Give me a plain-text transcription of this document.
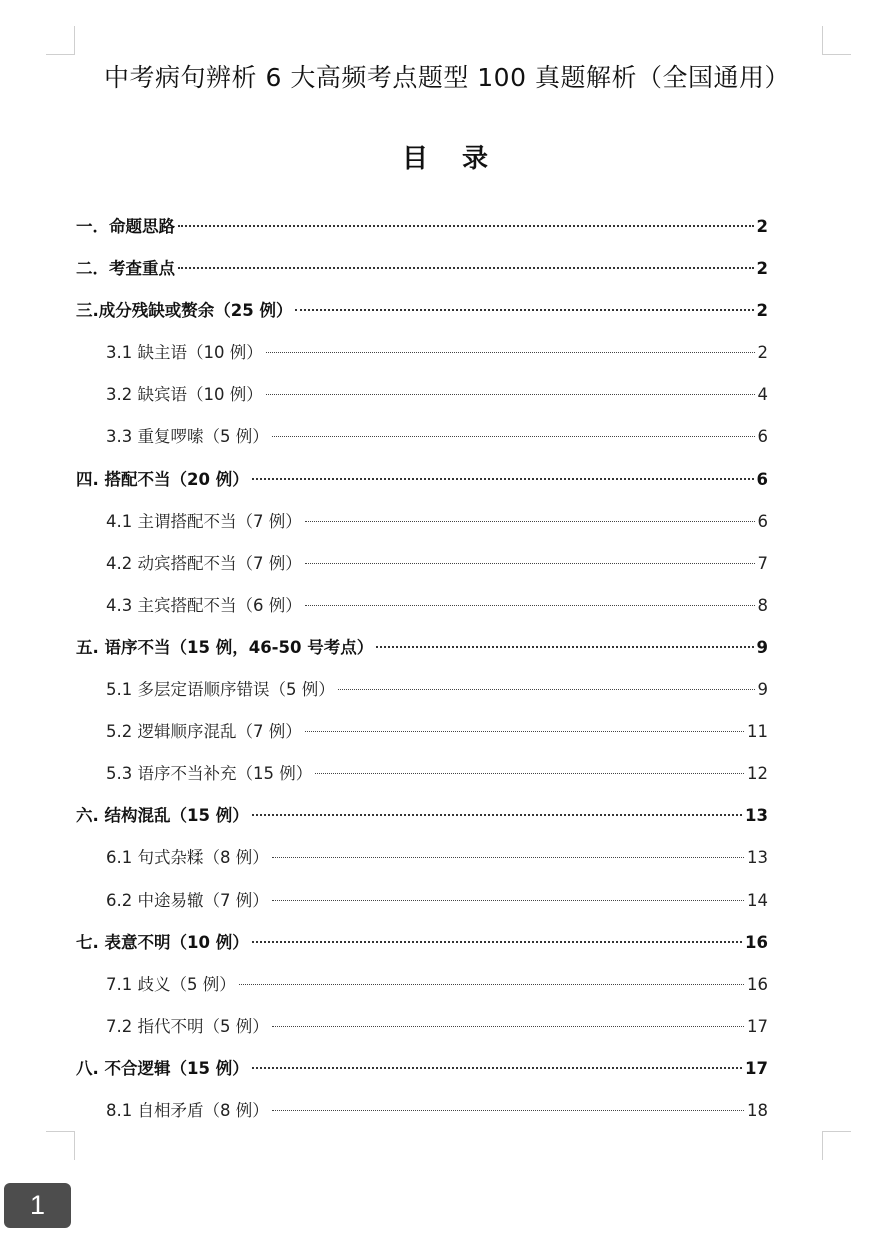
中考病句辨析 6 大高频考点题型 100 真题解析（全国通用）
目　录
一．命题思路	2
二．考查重点	2
三.成分残缺或赘余（25 例）	2
3.1 缺主语（10 例）	2
3.2 缺宾语（10 例）	4
3.3 重复啰嗦（5 例）	6
四. 搭配不当（20 例）	6
4.1 主谓搭配不当（7 例）	6
4.2 动宾搭配不当（7 例）	7
4.3 主宾搭配不当（6 例）	8
五. 语序不当（15 例，46-50 号考点）	9
5.1 多层定语顺序错误（5 例）	9
5.2 逻辑顺序混乱（7 例）	11
5.3 语序不当补充（15 例）	12
六. 结构混乱（15 例）	13
6.1 句式杂糅（8 例）	13
6.2 中途易辙（7 例）	14
七. 表意不明（10 例）	16
7.1 歧义（5 例）	16
7.2 指代不明（5 例）	17
八. 不合逻辑（15 例）	17
8.1 自相矛盾（8 例）	18
1
